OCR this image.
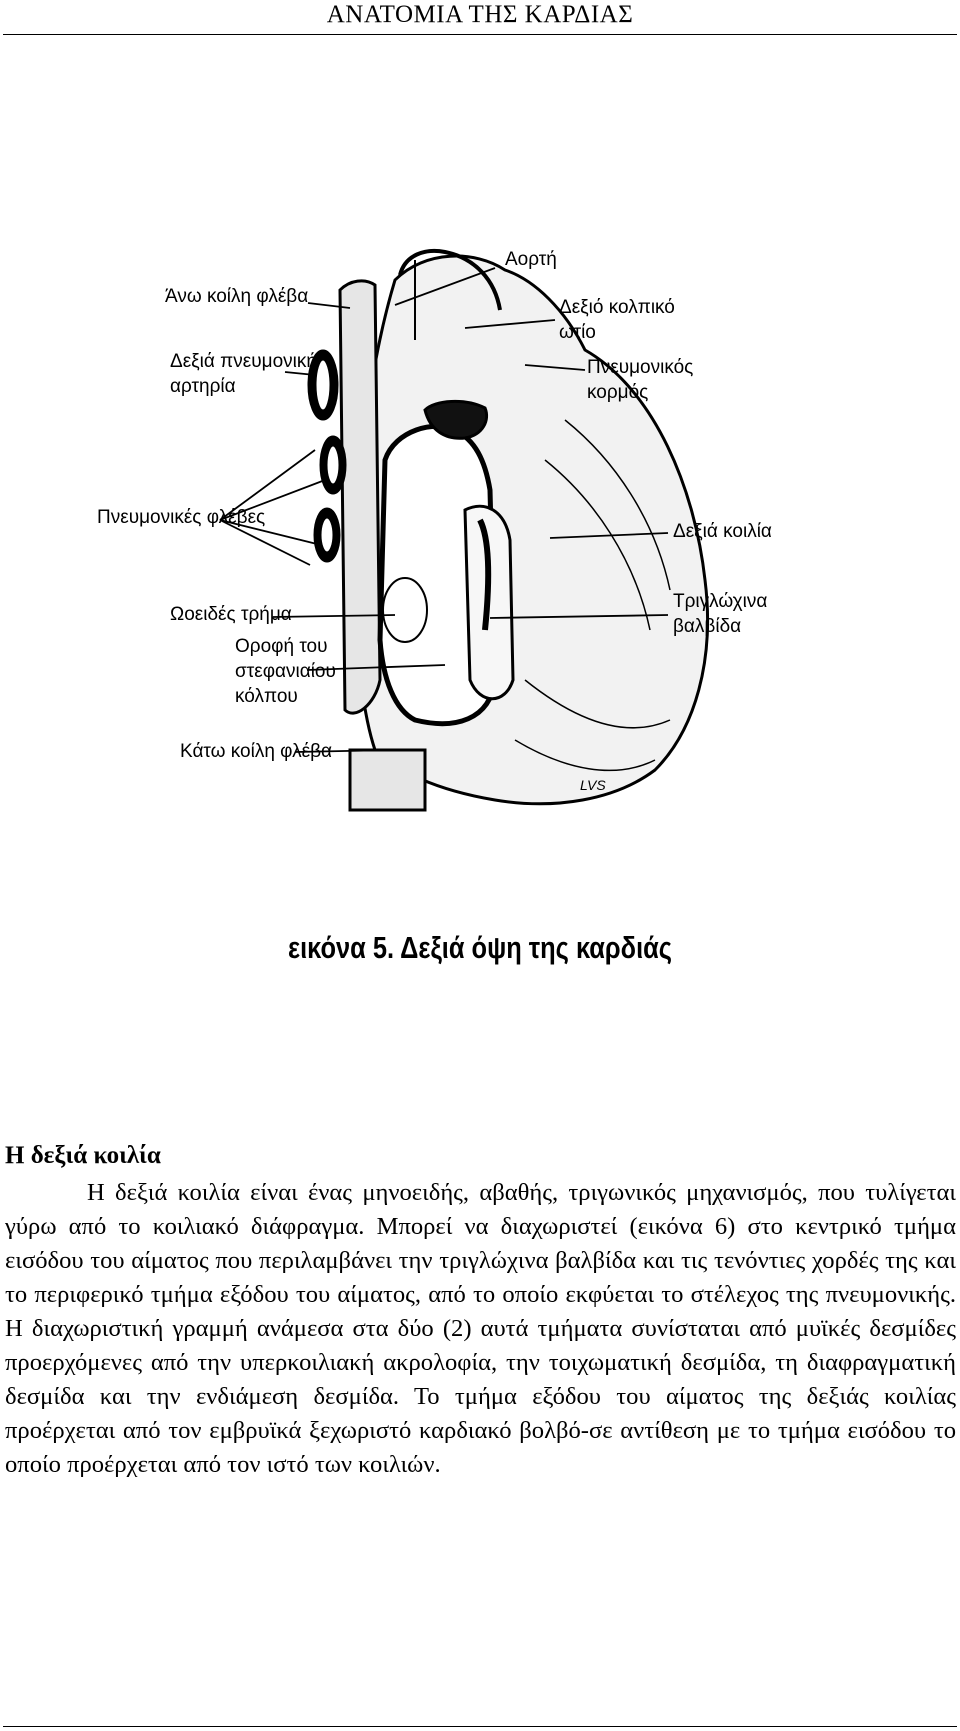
ΑΝΑΤΟΜΙΑ ΤΗΣ ΚΑΡΔΙΑΣ
Αορτή
Άνω κοίλη φλέβα
Δεξιό κολπικό
ωτίο
Δεξιά πνευμονική
αρτηρία
Πνευμονικός
κορμός
Πνευμονικές φλέβες
Δεξιά κοιλία
Ωοειδές τρήμα
Τριγλώχινα
βαλβίδα
Οροφή του
στεφανιαίου
κόλπου
Κάτω κοίλη φλέβα
LVS
εικόνα 5. Δεξιά όψη της καρδιάς
Η δεξιά κοιλία
Η δεξιά κοιλία είναι ένας μηνοειδής, αβαθής, τριγωνικός μηχανισμός, που τυλίγεται γύρω από το κοιλιακό διάφραγμα. Μπορεί να διαχωριστεί (εικόνα 6) στο κεντρικό τμήμα εισόδου του αίματος που περιλαμβάνει την τριγλώχινα βαλβίδα και τις τενόντιες χορδές της και το περιφερικό τμήμα εξόδου του αίματος, από το οποίο εκφύεται το στέλεχος της πνευμονικής. Η διαχωριστική γραμμή ανάμεσα στα δύο (2) αυτά τμήματα συνίσταται από μυϊκές δεσμίδες προερχόμενες από την υπερκοιλιακή ακρολοφία, την τοιχωματική δεσμίδα, τη διαφραγματική δεσμίδα και την ενδιάμεση δεσμίδα. Το τμήμα εξόδου του αίματος της δεξιάς κοιλίας προέρχεται από τον εμβρυϊκά ξεχωριστό καρδιακό βολβό-σε αντίθεση με το τμήμα εισόδου το οποίο προέρχεται από τον ιστό των κοιλιών.
